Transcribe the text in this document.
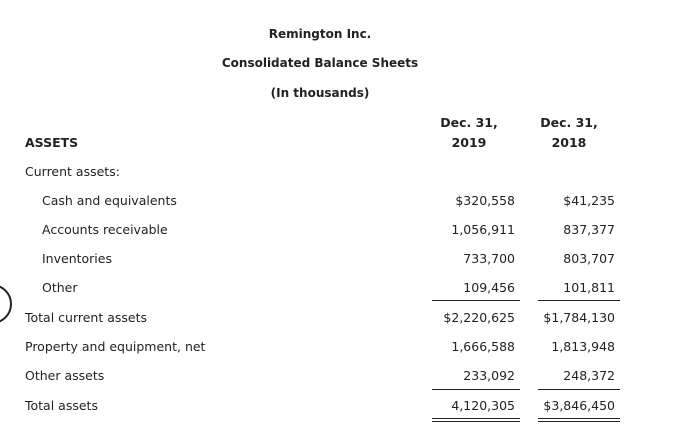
Remington Inc.
Consolidated Balance Sheets
(In thousands)
Dec. 31,
2019
Dec. 31,
2018
ASSETS
Current assets:
Cash and equivalents	$320,558	$41,235
Accounts receivable	1,056,911	837,377
Inventories	733,700	803,707
Other	109,456	101,811
Total current assets	$2,220,625	$1,784,130
Property and equipment, net	1,666,588	1,813,948
Other assets	233,092	248,372
Total assets	4,120,305	$3,846,450
